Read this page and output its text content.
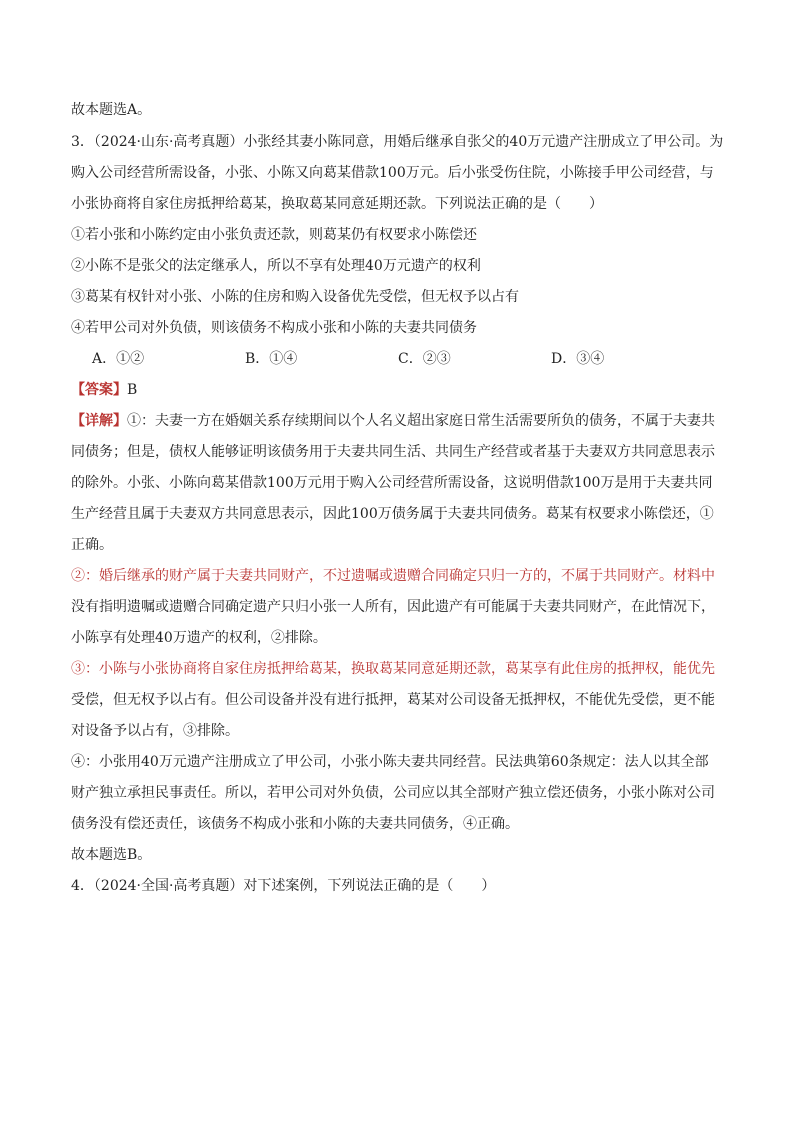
故本题选A。

3．（2024·山东·高考真题）小张经其妻小陈同意，用婚后继承自张父的40万元遗产注册成立了甲公司。为

购入公司经营所需设备，小张、小陈又向葛某借款100万元。后小张受伤住院，小陈接手甲公司经营，与

小张协商将自家住房抵押给葛某，换取葛某同意延期还款。下列说法正确的是（　　）

①若小张和小陈约定由小张负责还款，则葛某仍有权要求小陈偿还

②小陈不是张父的法定继承人，所以不享有处理40万元遗产的权利

③葛某有权针对小张、小陈的住房和购入设备优先受偿，但无权予以占有

④若甲公司对外负债，则该债务不构成小张和小陈的夫妻共同债务

A．①②	B．①④	C．②③	D．③④

【答案】B

【详解】①：夫妻一方在婚姻关系存续期间以个人名义超出家庭日常生活需要所负的债务，不属于夫妻共

同债务；但是，债权人能够证明该债务用于夫妻共同生活、共同生产经营或者基于夫妻双方共同意思表示

的除外。小张、小陈向葛某借款100万元用于购入公司经营所需设备，这说明借款100万是用于夫妻共同

生产经营且属于夫妻双方共同意思表示，因此100万债务属于夫妻共同债务。葛某有权要求小陈偿还，①

正确。

②：婚后继承的财产属于夫妻共同财产，不过遗嘱或遗赠合同确定只归一方的，不属于共同财产。材料中

没有指明遗嘱或遗赠合同确定遗产只归小张一人所有，因此遗产有可能属于夫妻共同财产，在此情况下，

小陈享有处理40万遗产的权利，②排除。

③：小陈与小张协商将自家住房抵押给葛某，换取葛某同意延期还款，葛某享有此住房的抵押权，能优先

受偿，但无权予以占有。但公司设备并没有进行抵押，葛某对公司设备无抵押权，不能优先受偿，更不能

对设备予以占有，③排除。

④：小张用40万元遗产注册成立了甲公司，小张小陈夫妻共同经营。民法典第60条规定：法人以其全部

财产独立承担民事责任。所以，若甲公司对外负债，公司应以其全部财产独立偿还债务，小张小陈对公司

债务没有偿还责任，该债务不构成小张和小陈的夫妻共同债务，④正确。

故本题选B。

4．（2024·全国·高考真题）对下述案例，下列说法正确的是（　　）
